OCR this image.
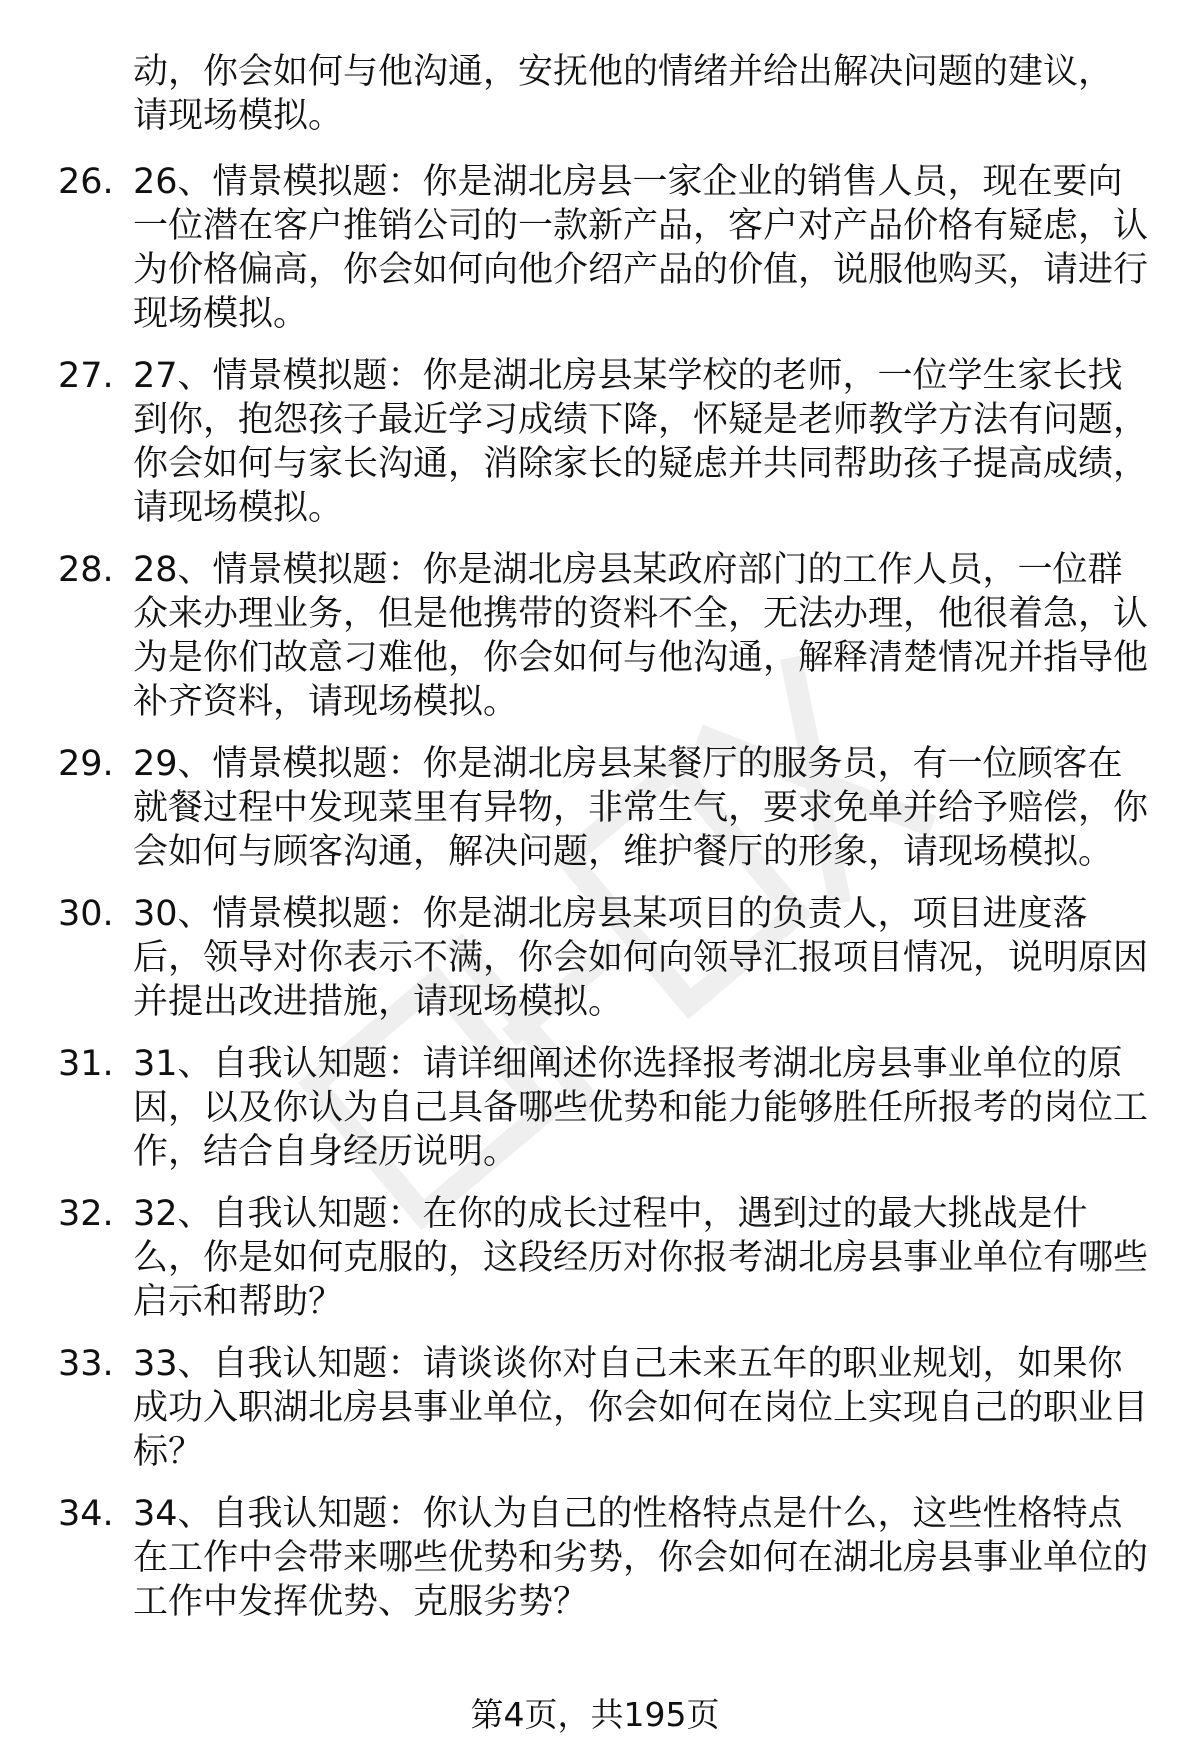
动，你会如何与他沟通，安抚他的情绪并给出解决问题的建议，请现场模拟。
26. 26、情景模拟题：你是湖北房县一家企业的销售人员，现在要向一位潜在客户推销公司的一款新产品，客户对产品价格有疑虑，认为价格偏高，你会如何向他介绍产品的价值，说服他购买，请进行现场模拟。
27. 27、情景模拟题：你是湖北房县某学校的老师，一位学生家长找到你，抱怨孩子最近学习成绩下降，怀疑是老师教学方法有问题，你会如何与家长沟通，消除家长的疑虑并共同帮助孩子提高成绩，请现场模拟。
28. 28、情景模拟题：你是湖北房县某政府部门的工作人员，一位群众来办理业务，但是他携带的资料不全，无法办理，他很着急，认为是你们故意刁难他，你会如何与他沟通，解释清楚情况并指导他补齐资料，请现场模拟。
29. 29、情景模拟题：你是湖北房县某餐厅的服务员，有一位顾客在就餐过程中发现菜里有异物，非常生气，要求免单并给予赔偿，你会如何与顾客沟通，解决问题，维护餐厅的形象，请现场模拟。
30. 30、情景模拟题：你是湖北房县某项目的负责人，项目进度落后，领导对你表示不满，你会如何向领导汇报项目情况，说明原因并提出改进措施，请现场模拟。
31. 31、自我认知题：请详细阐述你选择报考湖北房县事业单位的原因，以及你认为自己具备哪些优势和能力能够胜任所报考的岗位工作，结合自身经历说明。
32. 32、自我认知题：在你的成长过程中，遇到过的最大挑战是什么，你是如何克服的，这段经历对你报考湖北房县事业单位有哪些启示和帮助？
33. 33、自我认知题：请谈谈你对自己未来五年的职业规划，如果你成功入职湖北房县事业单位，你会如何在岗位上实现自己的职业目标？
34. 34、自我认知题：你认为自己的性格特点是什么，这些性格特点在工作中会带来哪些优势和劣势，你会如何在湖北房县事业单位的工作中发挥优势、克服劣势？
第4页，共195页
